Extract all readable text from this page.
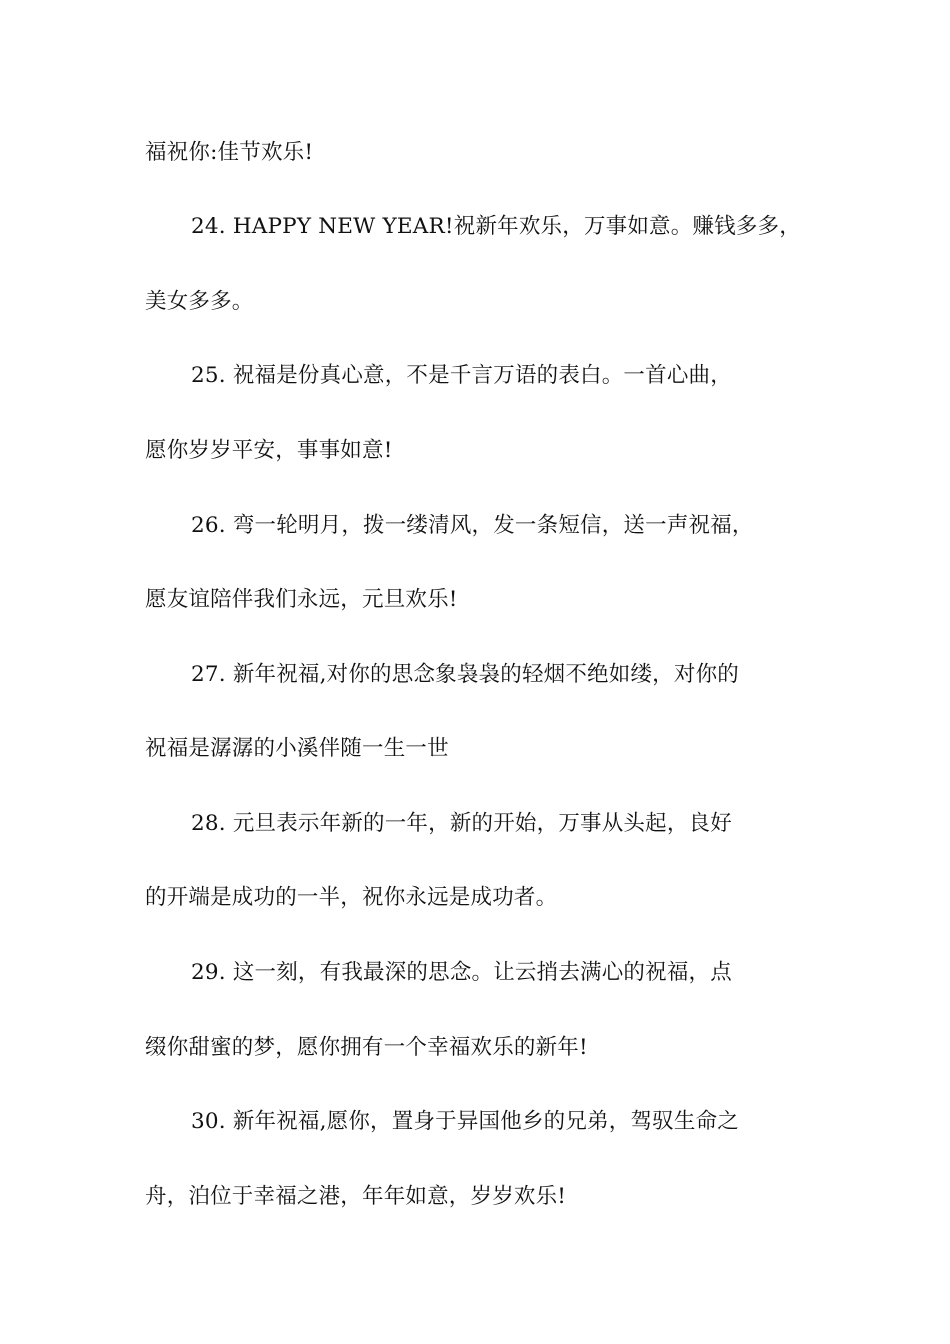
福祝你:佳节欢乐!
24. HAPPY NEW YEAR!祝新年欢乐，万事如意。赚钱多多，
美女多多。
25. 祝福是份真心意，不是千言万语的表白。一首心曲，
愿你岁岁平安，事事如意!
26. 弯一轮明月，拨一缕清风，发一条短信，送一声祝福，
愿友谊陪伴我们永远，元旦欢乐!
27. 新年祝福,对你的思念象袅袅的轻烟不绝如缕，对你的
祝福是潺潺的小溪伴随一生一世
28. 元旦表示年新的一年，新的开始，万事从头起，良好
的开端是成功的一半，祝你永远是成功者。
29. 这一刻，有我最深的思念。让云捎去满心的祝福，点
缀你甜蜜的梦，愿你拥有一个幸福欢乐的新年!
30. 新年祝福,愿你，置身于异国他乡的兄弟，驾驭生命之
舟，泊位于幸福之港，年年如意，岁岁欢乐!
